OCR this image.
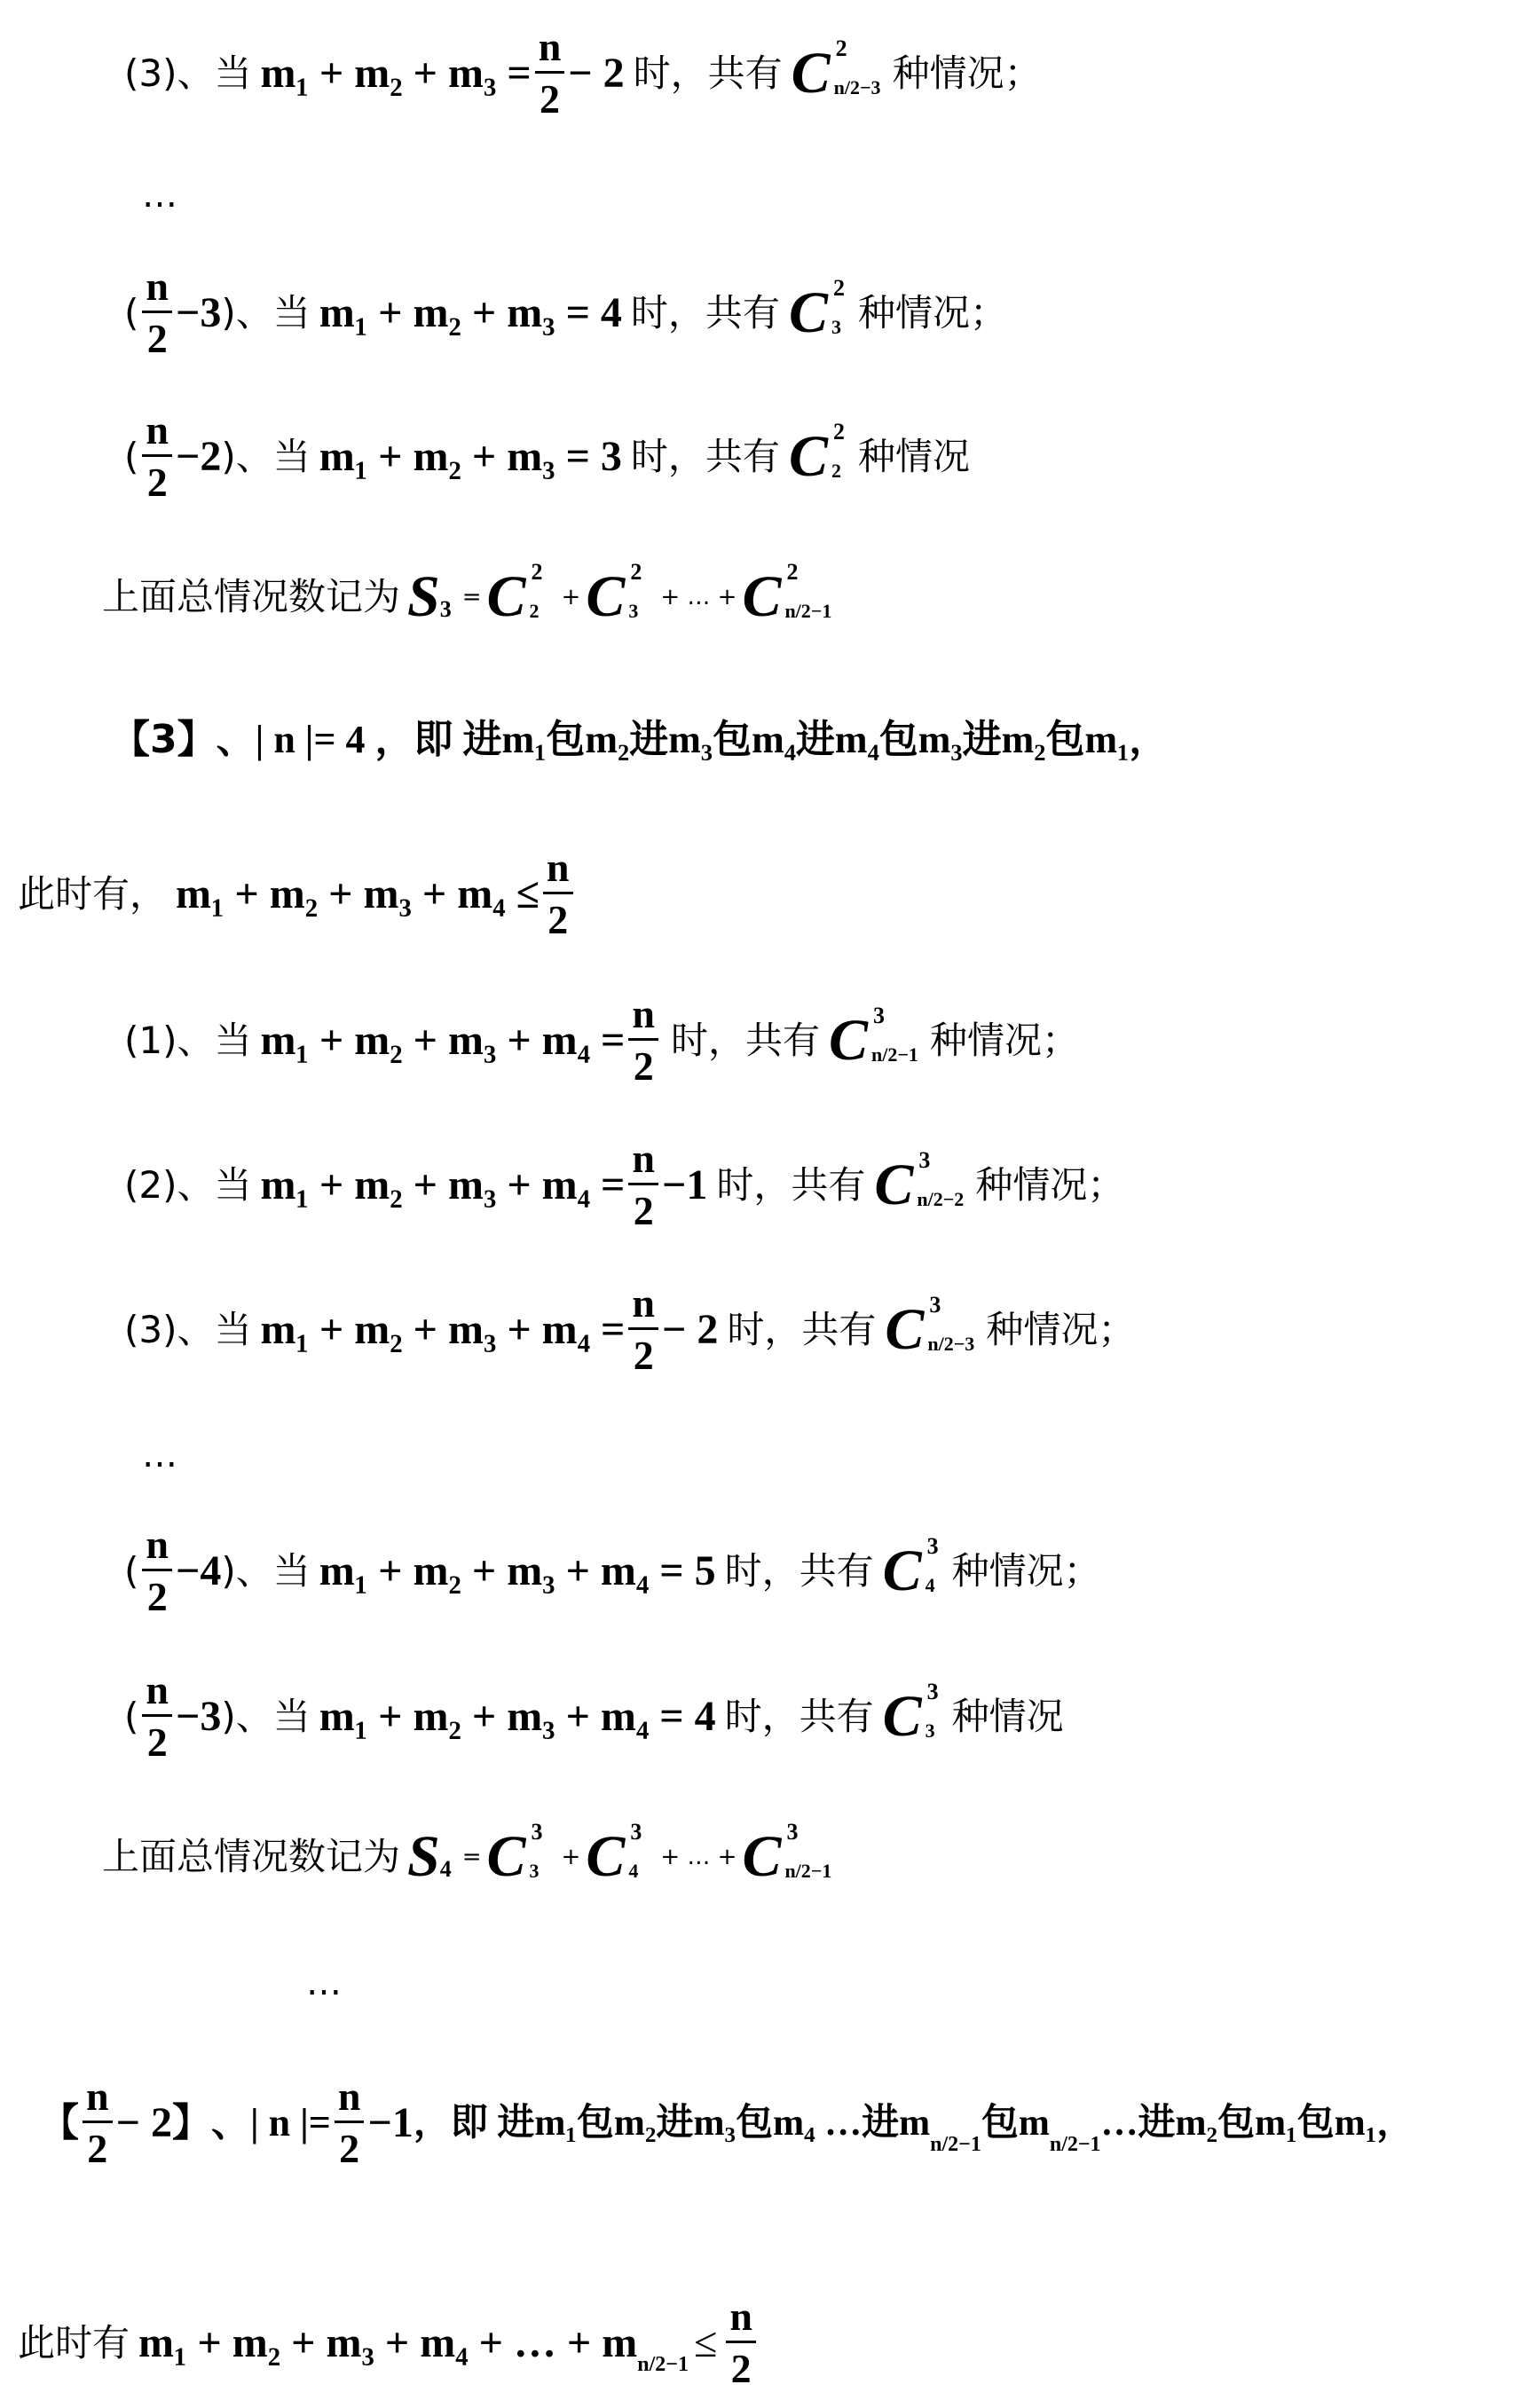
(3)、当 $m_1 + m_2 + m_3 = \frac{n}{2} - 2$ 时，共有 C 2
n/2−3 种情况；
…
( $\frac{n}{2} -3$ )、当 m₁ + m₂ + m₃ = 4 时，共有 C 2
3 种情况；
( $\frac{n}{2} -2$ )、当 m₁ + m₂ + m₃ = 3 时，共有 C 2
2 种情况
上面总情况数记为 S 3 = C 2
2
+ C 2
3
+ … + C 2
n/2−1
【3】 、| n |= 4 ，即 进m₁包m₂进m₃包m₄进m₄包m₃进m₂包m₁，
此时有， $m_1 + m_2 + m_3 + m_4 \le \frac{n}{2}$
(1)、当 $m_1 + m_2 + m_3 + m_4 = \frac{n}{2}$ 时，共有 C 3
n/2−1 种情况；
(2)、当 $m_1 + m_2 + m_3 + m_4 = \frac{n}{2} -1$ 时，共有 C 3
n/2−2 种情况；
(3)、当 $m_1 + m_2 + m_3 + m_4 = \frac{n}{2} - 2$ 时，共有 C 3
n/2−3 种情况；
…
( $\frac{n}{2} -4$ )、当 m₁ + m₂ + m₃ + m₄ = 5 时，共有 C 3
4 种情况；
( $\frac{n}{2} -3$ )、当 m₁ + m₂ + m₃ + m₄ = 4 时，共有 C 3
3 种情况
上面总情况数记为 S 4 = C 3
3
+ C 3
4
+ … + C 3
n/2−1
…
【 $\frac{n}{2} - 2$ 】 、| n |= $\frac{n}{2} -1$ ，即 进m₁包m₂进m₃包m₄ …进m
n/2−1
包m
n/2−1
…进m₂包m₁包m₁，
此时有 m₁ + m₂ + m₃ + m₄ + … + m $n/2-1 \le \frac{n}{2}$
